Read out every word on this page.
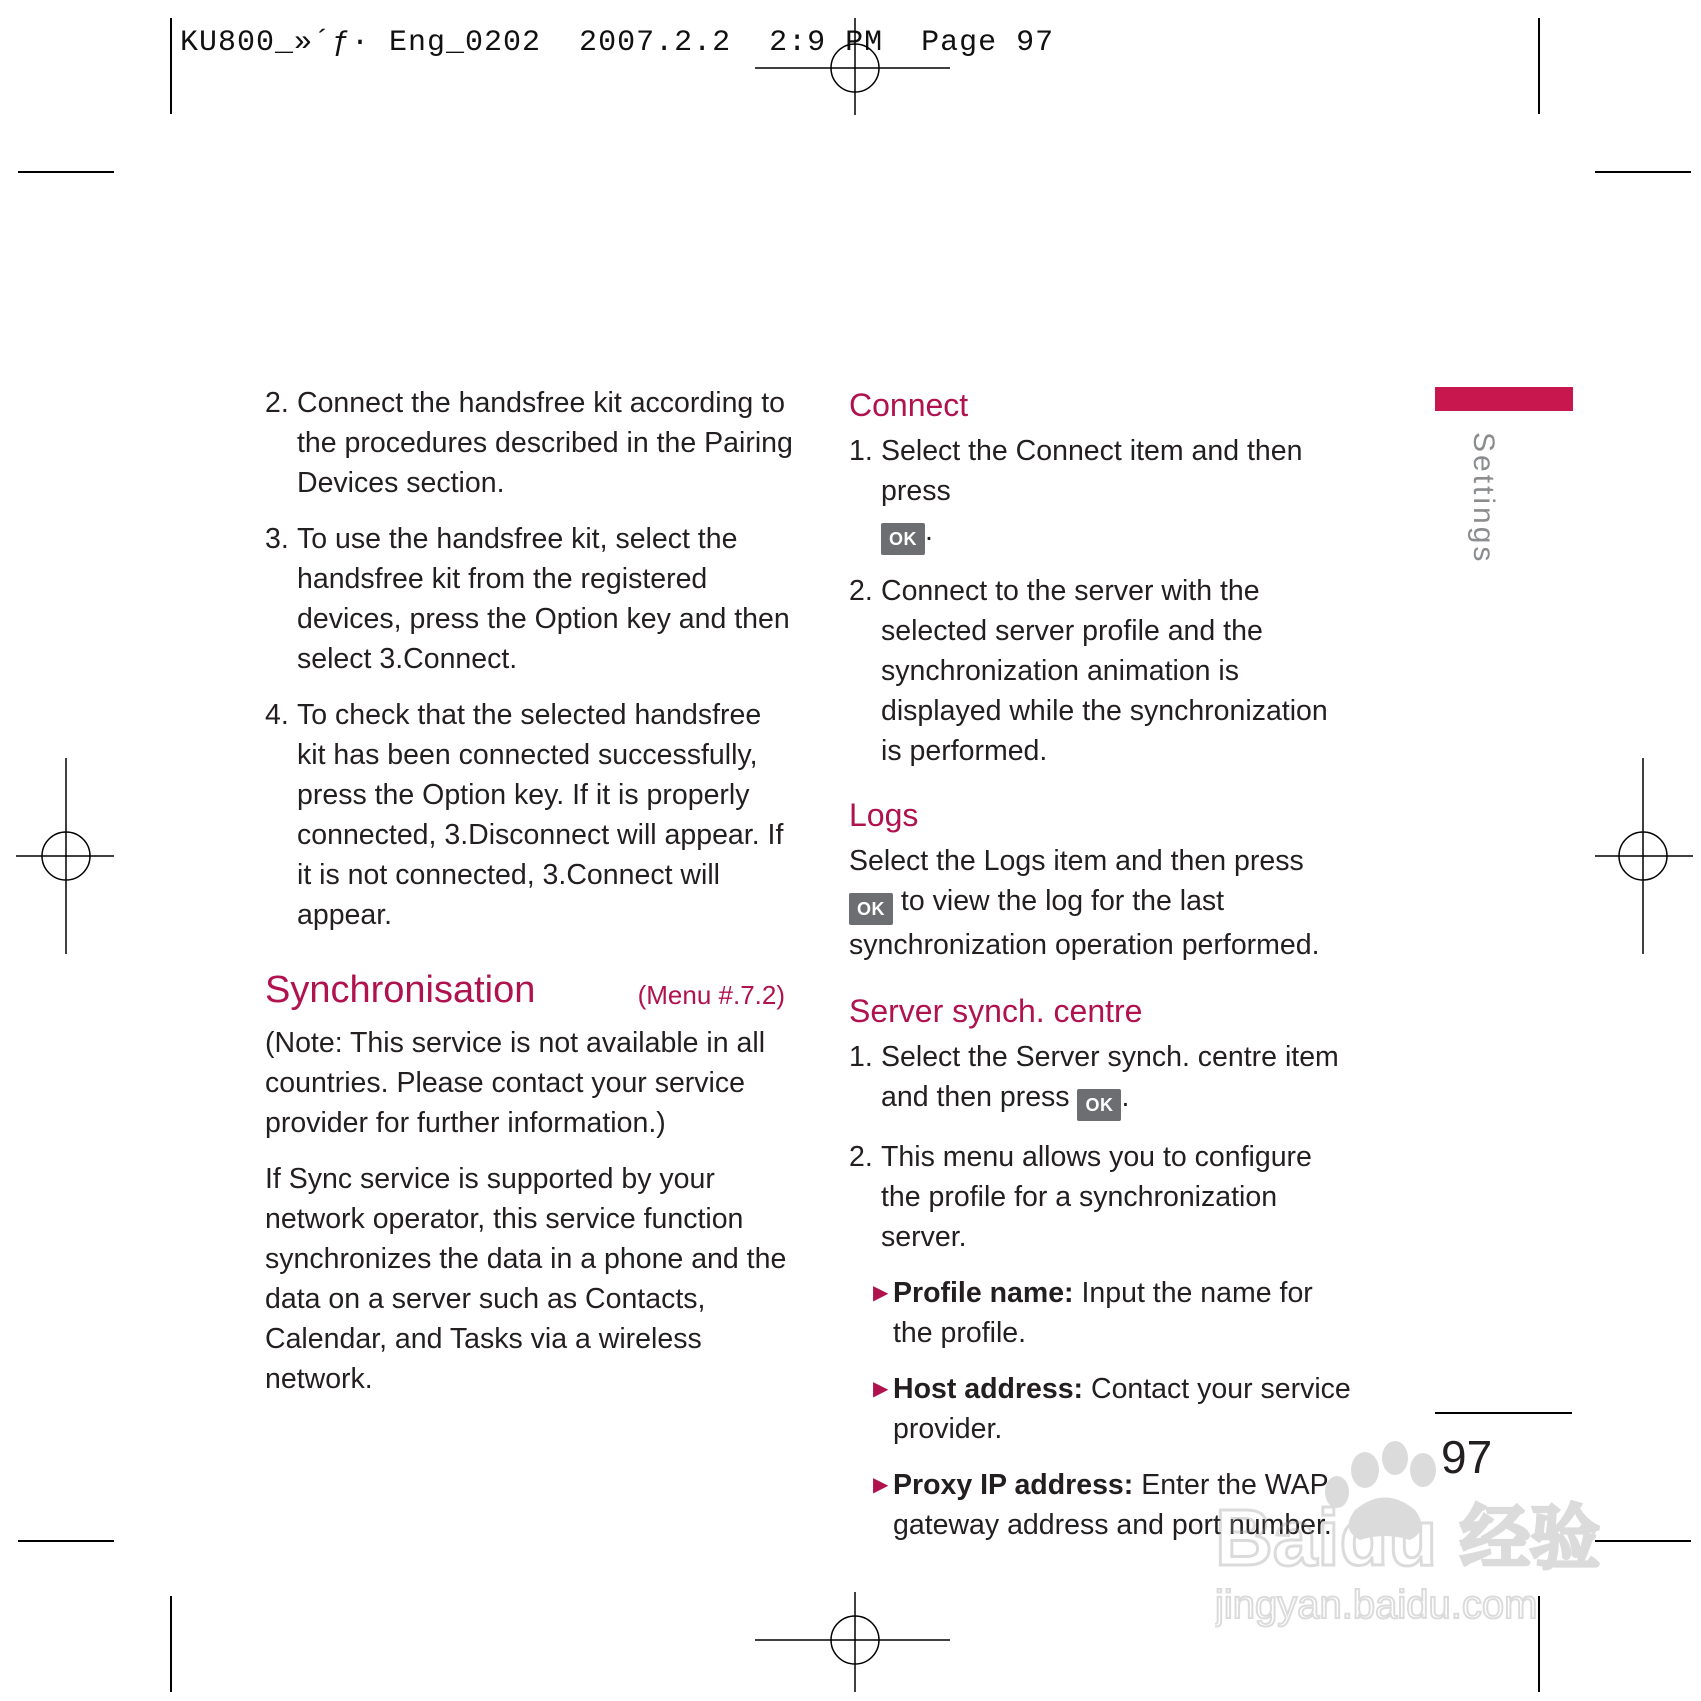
KU800_»´ƒ· Eng_0202  2007.2.2  2:9 PM  Page 97
2. Connect the handsfree kit according to the procedures described in the Pairing Devices section.
3. To use the handsfree kit, select the handsfree kit from the registered devices, press the Option key and then select 3.Connect.
4. To check that the selected handsfree kit has been connected successfully, press the Option key. If it is properly connected, 3.Disconnect will appear. If it is not connected, 3.Connect will appear.
Synchronisation	(Menu #.7.2)

(Note: This service is not available in all countries. Please contact your service provider for further information.)

If Sync service is supported by your network operator, this service function synchronizes the data in a phone and the data on a server such as Contacts, Calendar, and Tasks via a wireless network.

Connect
1. Select the Connect item and then press
OK .
2. Connect to the server with the selected server profile and the synchronization animation is displayed while the synchronization is performed.
Logs

Select the Logs item and then press OK to view the log for the last synchronization operation performed.

Server synch. centre
1. Select the Server synch. centre item and then press OK .
2. This menu allows you to configure the profile for a synchronization server.
▶ Profile name: Input the name for the profile.
▶ Host address: Contact your service provider.
▶ Proxy IP address: Enter the WAP gateway address and port number.
Settings
97
Baidu 经验
jingyan.baidu.com
